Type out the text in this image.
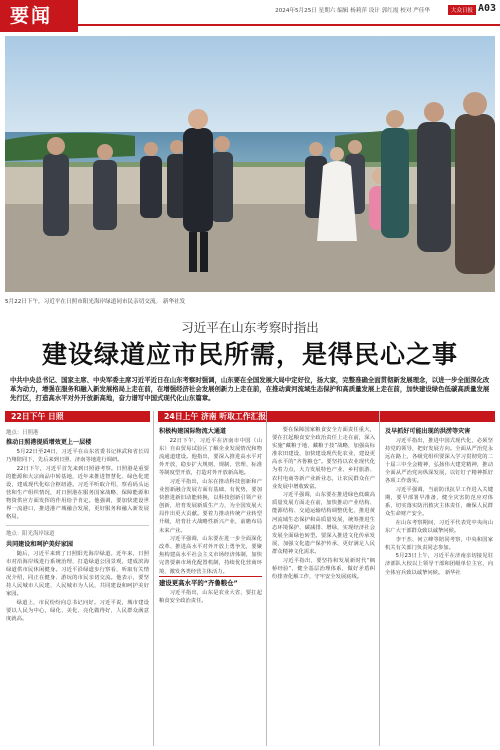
要闻	2024年5月25日 星期六 编辑 杨莉萍 设计 郭红霞 校对 严佳华	大众日报 A03
5月22日下午，习近平在日照市阳光海岸绿道同市民亲切交流。 新华社发
习近平在山东考察时指出
建设绿道应市民所需，是得民心之事
中共中央总书记、国家主席、中央军委主席习近平近日在山东考察时强调，山东要在全国发展大局中定好位，扬大家，完整准确全面贯彻新发展理念，以进一步全面深化改革为动力，增强在服务和融入新发展格局上走在前，在增强经济社会发展创新力上走在前，在推动黄河流域生态保护和高质量发展上走在前，加快建设绿色低碳高质量发展先行区，打造高水平对外开放新高地，奋力谱写中国式现代化山东篇章。
22日下午 日照	24日上午 济南 听取工作汇报
地点：日照港
推动日照港提质增效更上一层楼

5月22日至24日，习近平在山东省委书记林武和省长周乃翔陪同下，先后来到日照、济南等地进行调研。

22日下午，习近平首先来到日照港考察。日照港是重要的能源和大宗商品中转基地，近年来推进智慧化、绿色化建设，建成现代化综合枢纽港。习近平听取介绍，察看码头运营和生产组织情况，对日照港在服务国家战略、保障能源和物资供应方面发挥的作用给予肯定。他强调，要加快建设世界一流港口，推进港产城融合发展，更好服务和融入新发展格局。

地点：阳光海岸绿道
共同建设和呵护美好家园

随后，习近平来到了日照阳光海岸绿道。近年来，日照市对沿海岸线进行系统治理，打造绿道公园景观，建成滨海绿道供市民休闲健身。习近平沿绿道步行察看，听取有关情况介绍，同正在健身、游玩的市民亲切交流。他表示，要坚持人民城市人民建、人民城市为人民，共同建设和呵护美好家园。

绿道上，市民纷纷向总书记问好。习近平说，城市建设要以人民为中心，绿化、美化、亮化做得好，人民群众满意度就高。

积极构建国际物流大通道

22日下午，习近平在济南市中国（山东）自由贸易试验区了解企业发展情况和物流通道建设。他指出，要深入推进高水平对外开放，稳步扩大规则、规制、管理、标准等制度型开放，打造对外开放新高地。

习近平指出，山东在推动科技创新和产业创新融合发展方面有基础、有优势，要加快推进新旧动能转换，以科技创新引领产业创新，培育发展新质生产力，为全国发展大局作出更大贡献。要着力推动传统产业转型升级，培育壮大战略性新兴产业，前瞻布局未来产业。

习近平强调，山东要在进一步全面深化改革、推进高水平对外开放上勇争先，要聚焦构建高水平社会主义市场经济体制，加快完善要素市场化配置机制，持续优化营商环境，激发各类经营主体活力。

建设更高水平的“齐鲁粮仓”

习近平指出，山东是农业大省，要扛起粮食安全政治责任。

要在保障国家粮食安全方面责任重大，要在扛起粮食安全政治责任上走在前，深入实施“藏粮于地、藏粮于技”战略，加强高标准农田建设，加快建设现代化农业，建设更高水平的“齐鲁粮仓”。要坚持以农业现代化为着力点，大力发展特色产业、乡村旅游、农村电商等新产业新业态，让农民群众在产业发展中增收致富。

习近平强调，山东要在推进绿色低碳高质量发展方面走在前，加快推动产业结构、能源结构、交通运输结构调整优化，推进黄河流域生态保护和高质量发展，统筹推进生态环境保护、碳减排、增绿，实现经济社会发展全面绿色转型。要深入推进文化传承发展，加强文化遗产保护传承，更好满足人民群众精神文化需求。

习近平指出，要坚持和发展新时代“枫桥经验”，健全基层治理体系，做好矛盾纠纷排查化解工作，守牢安全发展底线。

及早抓好可能出现的洪涝等灾害

习近平指出，推进中国式现代化，必须坚持党的领导，把好发展方向。全面从严治党永远在路上，各级党组织要深入学习贯彻党的二十届三中全会精神，弘扬伟大建党精神，推动全面从严治党向纵深发展，以钉钉子精神抓好各项工作落实。

习近平强调，当前防汛抗旱工作进入关键期，要早部署早准备，健全灾害防范应对体系，切实落实防汛救灾主体责任，确保人民群众生命财产安全。

在山东考察期间，习近平代表党中央向山东广大干部群众致以诚挚问候。

李干杰、何立峰等陪同考察，中央和国家机关有关部门负责同志参加。

5月23日上午，习近平在济南亲切接见驻济部队大校以上领导干部和团级单位主官，向全体官兵致以诚挚问候。 新华社
